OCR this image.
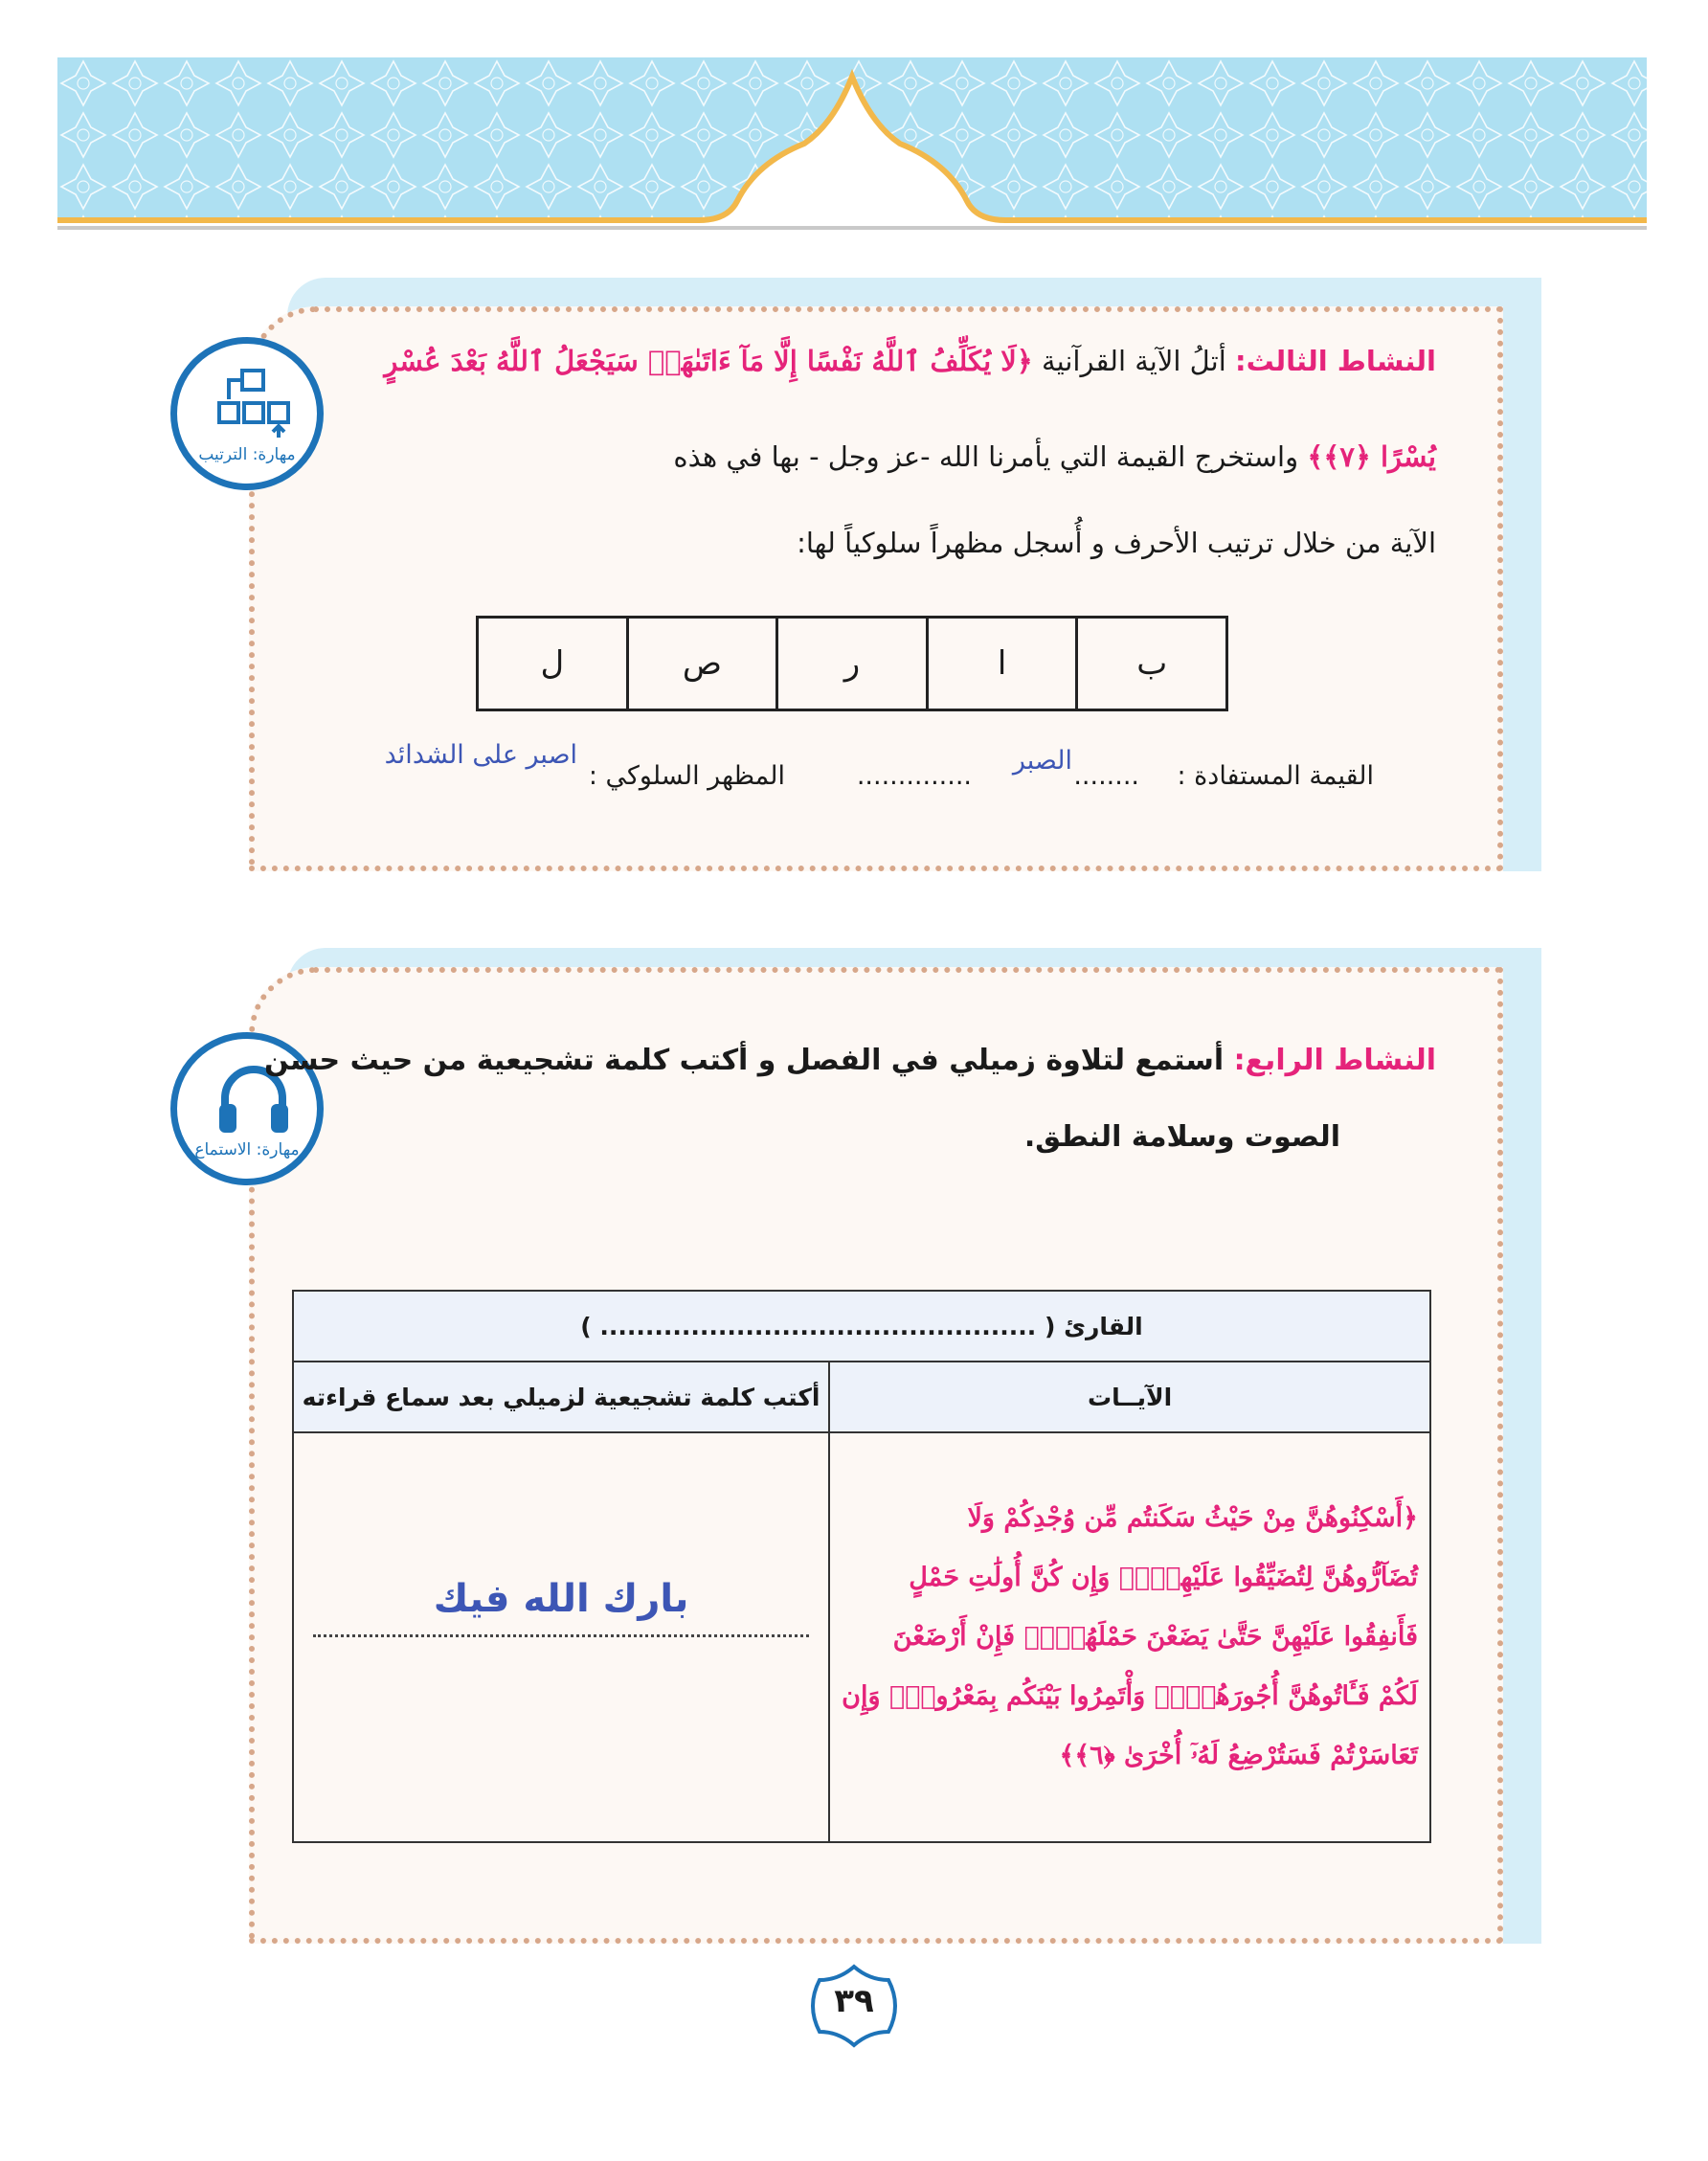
مهارة: الترتيب
النشاط الثالث: أتلُ الآية القرآنية ﴿لَا يُكَلِّفُ ٱللَّهُ نَفْسًا إِلَّا مَآ ءَاتَىٰهَاۚ سَيَجْعَلُ ٱللَّهُ بَعْدَ عُسْرٍ
يُسْرًا ﴿٧﴾﴾ واستخرج القيمة التي يأمرنا الله -عز وجل - بها في هذه
الآية من خلال ترتيب الأحرف و أُسجل مظهراً سلوكياً لها:
ب	ا	ر	ص	ل
القيمة المستفادة :
........
الصبر
..............
المظهر السلوكي :
اصبر على الشدائد
مهارة: الاستماع
النشاط الرابع: أستمع لتلاوة زميلي في الفصل و أكتب كلمة تشجيعية من حيث حسن
الصوت وسلامة النطق.
القارئ ( ................................................ )	
الآيــات	أكتب كلمة تشجيعية لزميلي بعد سماع قراءته

﴿أَسْكِنُوهُنَّ مِنْ حَيْثُ سَكَنتُم مِّن وُجْدِكُمْ وَلَا
تُضَآرُّوهُنَّ لِتُضَيِّقُوا عَلَيْهِنَّۚ وَإِن كُنَّ أُولَٰتِ حَمْلٍ
فَأَنفِقُوا عَلَيْهِنَّ حَتَّىٰ يَضَعْنَ حَمْلَهُنَّۚ فَإِنْ أَرْضَعْنَ
لَكُمْ فَـَٔاتُوهُنَّ أُجُورَهُنَّۖ وَأْتَمِرُوا بَيْنَكُم بِمَعْرُوفٍۖ وَإِن
تَعَاسَرْتُمْ فَسَتُرْضِعُ لَهُۥٓ أُخْرَىٰ ﴿٦﴾﴾	بارك الله فيك
٣٩
